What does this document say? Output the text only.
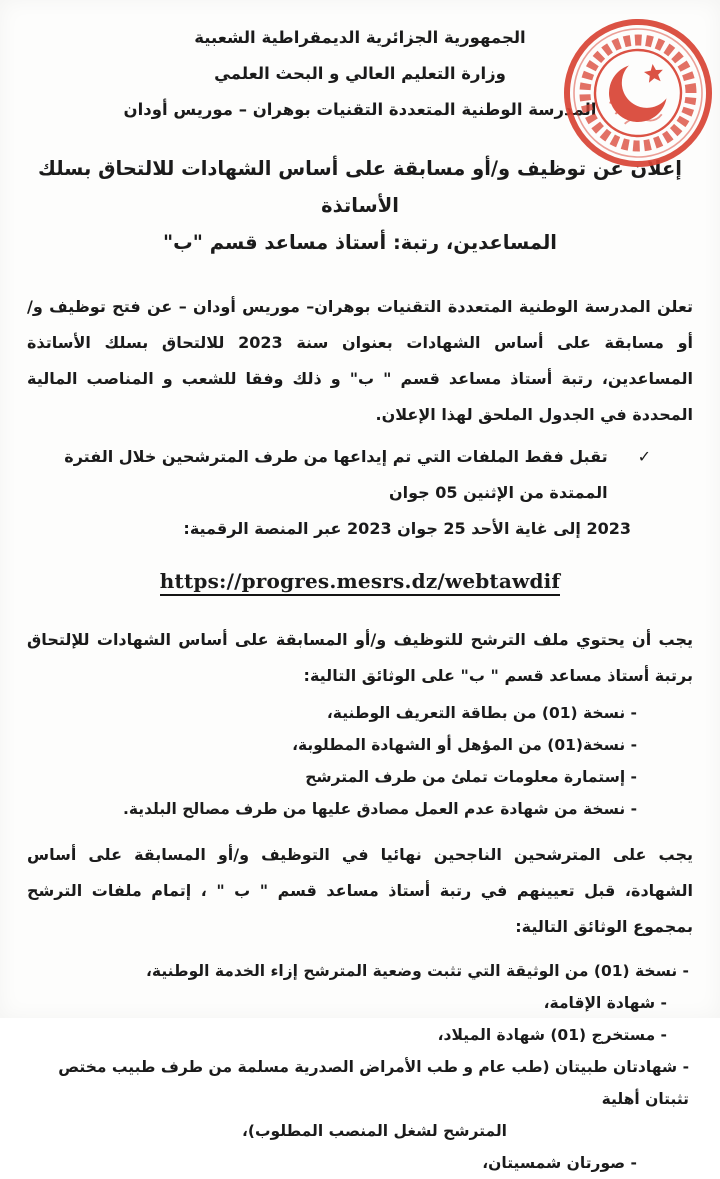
الجمهورية الجزائرية الديمقراطية الشعبية
وزارة التعليم العالي و البحث العلمي
المدرسة الوطنية المتعددة التقنيات بوهران – موريس أودان
إعلان عن توظيف و/أو مسابقة على أساس الشهادات للالتحاق بسلك الأساتذة
المساعدين، رتبة: أستاذ مساعد قسم "ب"
تعلن المدرسة الوطنية المتعددة التقنيات بوهران– موريس أودان – عن فتح توظيف و/أو مسابقة على أساس الشهادات بعنوان سنة 2023 للالتحاق بسلك الأساتذة المساعدين، رتبة أستاذ مساعد قسم " ب" و ذلك وفقا للشعب و المناصب المالية المحددة في الجدول الملحق لهذا الإعلان.
✓
تقبل فقط الملفات التي تم إيداعها من طرف المترشحين خلال الفترة الممتدة من الإثنين 05 جوان
2023 إلى غاية الأحد 25 جوان 2023 عبر المنصة الرقمية:
https://progres.mesrs.dz/webtawdif
يجب أن يحتوي ملف الترشح للتوظيف و/أو المسابقة على أساس الشهادات للإلتحاق برتبة أستاذ مساعد قسم " ب" على الوثائق التالية:
- نسخة (01) من بطاقة التعريف الوطنية،
- نسخة(01) من المؤهل أو الشهادة المطلوبة،
- إستمارة معلومات تملئ من طرف المترشح
- نسخة من شهادة عدم العمل مصادق عليها من طرف مصالح البلدية.
يجب على المترشحين الناجحين نهائيا في التوظيف و/أو المسابقة على أساس الشهادة، قبل تعيينهم في رتبة أستاذ مساعد قسم " ب " ، إتمام ملفات الترشح بمجموع الوثائق التالية:
- نسخة (01) من الوثيقة التي تثبت وضعية المترشح إزاء الخدمة الوطنية،
- شهادة الإقامة،
- مستخرج (01) شهادة الميلاد،
- شهادتان طبيتان (طب عام و طب الأمراض الصدرية مسلمة من طرف طبيب مختص تثبتان أهلية
المترشح لشغل المنصب المطلوب)،
- صورتان شمسيتان،
